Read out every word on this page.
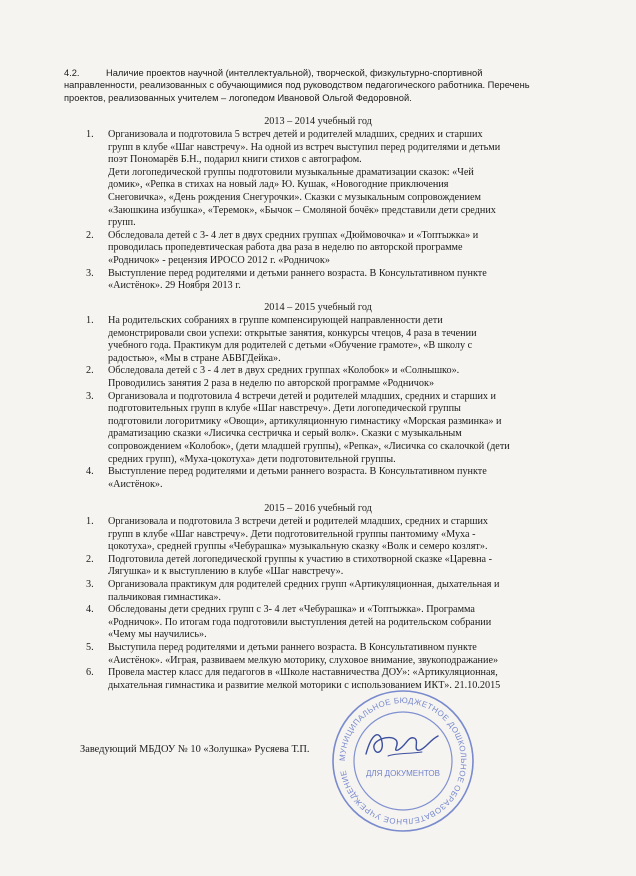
4.2.	Наличие проектов научной (интеллектуальной), творческой, физкультурно-спортивной
направленности, реализованных с обучающимися под руководством педагогического работника. Перечень
проектов, реализованных учителем – логопедом Ивановой Ольгой Федоровной.
2013 – 2014 учебный год
1. Организовала и подготовила 5 встреч детей и родителей младших, средних и старших
групп в клубе «Шаг навстречу». На одной из встреч выступил перед родителями и детьми
поэт Пономарёв Б.Н., подарил книги стихов с автографом.
Дети логопедической группы подготовили музыкальные драматизации сказок: «Чей
домик», «Репка в стихах на новый лад» Ю. Кушак, «Новогодние приключения
Снеговичка», «День рождения Снегурочки». Сказки с музыкальным сопровождением
«Заюшкина избушка», «Теремок», «Бычок – Смоляной бочёк» представили дети средних
групп.
2. Обследовала детей с 3- 4 лет в двух средних группах «Дюймовочка» и «Топтыжка» и
проводилась пропедевтическая работа два раза в неделю по авторской программе
«Родничок» - рецензия ИРОСО 2012 г. «Родничок»
3. Выступление перед родителями и детьми раннего возраста. В Консультативном пункте
«Аистёнок». 29 Ноября 2013 г.
2014 – 2015 учебный год
1. На родительских собраниях в группе компенсирующей направленности дети
демонстрировали свои успехи: открытые занятия, конкурсы чтецов, 4 раза в течении
учебного года. Практикум для родителей с детьми «Обучение грамоте», «В школу с
радостью», «Мы в стране АБВГДейка».
2. Обследовала детей с 3 - 4 лет в двух средних группах «Колобок» и «Солнышко».
Проводились занятия 2 раза в неделю по авторской программе «Родничок»
3. Организовала и подготовила 4 встречи детей и родителей младших, средних и старших и
подготовительных групп в клубе «Шаг навстречу». Дети логопедической группы
подготовили логоритмику «Овощи», артикуляционную гимнастику «Морская разминка» и
драматизацию сказки «Лисичка сестричка и серый волк». Сказки с музыкальным
сопровождением «Колобок», (дети младшей группы), «Репка», «Лисичка со скалочкой (дети
средних групп), «Муха-цокотуха» дети подготовительной группы.
4. Выступление перед родителями и детьми раннего возраста. В Консультативном пункте
«Аистёнок».
2015 – 2016 учебный год
1. Организовала и подготовила 3 встречи детей и родителей младших, средних и старших
групп в клубе «Шаг навстречу». Дети подготовительной группы пантомиму «Муха -
цокотуха», средней группы «Чебурашка» музыкальную сказку «Волк и семеро козлят».
2. Подготовила детей логопедической группы к участию в стихотворной сказке «Царевна -
Лягушка» и к выступлению в клубе «Шаг навстречу».
3. Организовала практикум для родителей средних групп «Артикуляционная, дыхательная и
пальчиковая гимнастика».
4. Обследованы дети средних групп с 3- 4 лет «Чебурашка» и «Топтыжка». Программа
«Родничок». По итогам года подготовили выступления детей на родительском собрании
«Чему мы научились».
5. Выступила перед родителями и детьми раннего возраста. В Консультативном пункте
«Аистёнок». «Играя, развиваем мелкую моторику, слуховое внимание, звукоподражание»
6. Провела мастер класс для педагогов в «Школе наставничества ДОУ»: «Артикуляционная,
дыхательная гимнастика и развитие мелкой моторики с использованием ИКТ». 21.10.2015
Заведующий МБДОУ № 10 «Золушка» Русяева Т.П.
МУНИЦИПАЛЬНОЕ БЮДЖЕТНОЕ ДОШКОЛЬНОЕ ОБРАЗОВАТЕЛЬНОЕ УЧРЕЖДЕНИЕ	ДЛЯ ДОКУМЕНТОВ
